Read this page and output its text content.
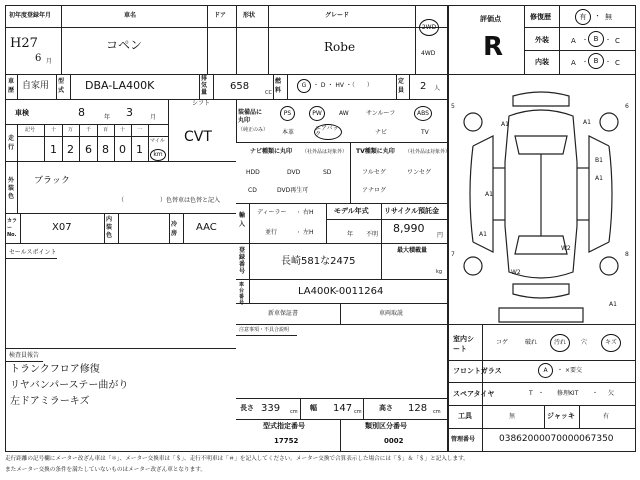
初年度登録年月	車名	ドア	形状	グレード
H27
6 月
コペン	Robe
2WD
4WD
評価点
R
修復歴	有	・ 無
外装	A ・ B	・ C
内装	A ・ B	・ C
車歴 自家用 型式	DBA-LA400K
排気量
658
CC
燃料
G	・ D ・ HV ・（　　）
定員	2 人
車検	8	年 3	月
シフト
CVT
走行
記号	十 万	千 百 十 一
1 2 6 8 0 1
マイル
km
外装色
ブラック
（	）色替車は色替と記入
カラーNo.
X07
内装色
冷房
AAC
セールスポイント
検査員報告
トランクフロア修復
リヤバンパーステー曲がり
左ドアミラーキズ
装備品に丸印
（純正のみ）
PS	PW	AW	サンルーフ	ABS
本革
エアバック	ナビ	TV
ナビ種類に丸印 （社外品は対象外）
HDD	DVD	SD
CD	DVD再生可
TV種類に丸印 （社外品は対象外）
フルセグ	ワンセグ
アナログ
輸入
ディーラー
並行
右H
左H
・
・
モデル年式
年 不明
リサイクル預託金
8,990
円
最大積載量
kg
登録番号
長崎581な2475
車台番号
LA400K-0011264
新車保証書	車両取説
注意事項・不具合説明
長さ 339 cm 幅 147 cm 高さ 128 cm
型式指定番号
17752
類別区分番号
0002
5	6
7	8
A1	A1
A1
B1
A1
W2
W2
A1
A1
室内シート
コゲ	破れ	汚れ	穴	キズ
フロントガラス	A	・ ×要交
スペアタイヤ	T ・ 修理KIT ・ 欠
工具	無	ジャッキ	有
管理番号	03862000070000067350
走行距離の記号欄にメーター改ざん車は「＊」、メーター交換車は「＄」、走行不明車は「＃」を記入してください。メーター交換で合算表示した場合には「＄」＆「＄」と記入します。
またメーター交換の条件を満たしていないものはメーター改ざん車となります。
